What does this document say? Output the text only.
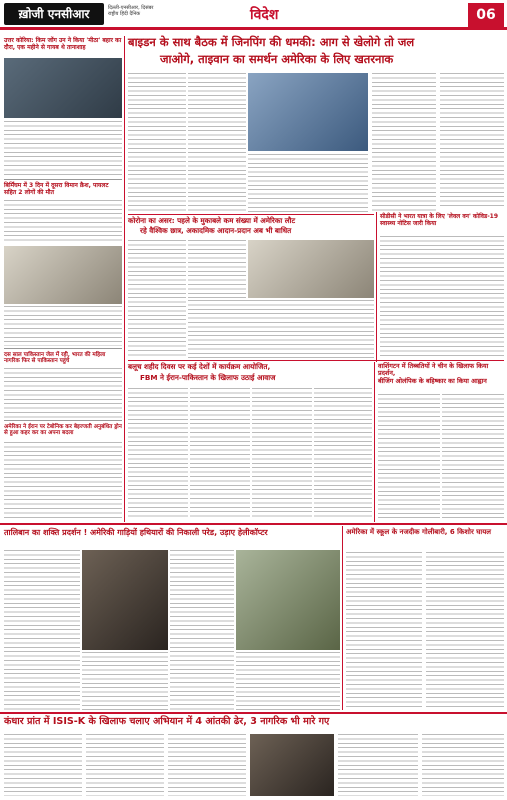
ख़ोजी एनसीआर	दिल्ली-एनसीआर, दिसंबर
राष्ट्रीय हिंदी दैनिक	विदेश	06
उत्तर कोरिया: किम जोंग उन ने किया 'मीठा' बहार का दौरा, एक महीने से गायब थे तानाशाह
बिर्मिंघम में 3 दिन में दूसरा विमान क्रैश, पायलट सहित 2 लोगों की मौत
दस साल पाकिस्तान जेल में रही, भारत की महिला नागरिक फिर से पाकिस्तान पहुंचे
अमेरिका ने ईरान पर टेबोनिक कर बेइज्जती अनुबंधित ड्रोन से हुआ कहर कर का अपना बदला
बाइडन के साथ बैठक में जिनपिंग की धमकी: आग से खेलोगे तो जल
जाओगे, ताइवान का समर्थन अमेरिका के लिए खतरनाक
कोरोना का असर: पहले के मुकाबले कम संख्या में अमेरिका लौट
रहे वैश्विक छात्र, अकादमिक आदान-प्रदान अब भी बाधित
सीडीसी ने भारत यात्रा के लिए 'लेवल वन' कोविड-19 स्वास्थ्य नोटिस जारी किया
बलूच शहीद दिवस पर कई देशों में कार्यक्रम आयोजित,
FBM ने ईरान-पाकिस्तान के खिलाफ उठाई आवाज
वाशिंगटन में तिब्बतियों ने चीन के खिलाफ किया प्रदर्शन,
बीजिंग ओलंपिक के बहिष्कार का किया आह्वान
तालिबान का शक्ति प्रदर्शन ! अमेरिकी गाड़ियों हथियारों की निकाली परेड, उड़ाए हेलीकॉप्टर	अमेरिका में स्कूल के नजदीक गोलीबारी, 6 किशोर घायल
कंधार प्रांत में ISIS-K के खिलाफ चलाए अभियान में 4 आंतकी ढेर, 3 नागरिक भी मारे गए
